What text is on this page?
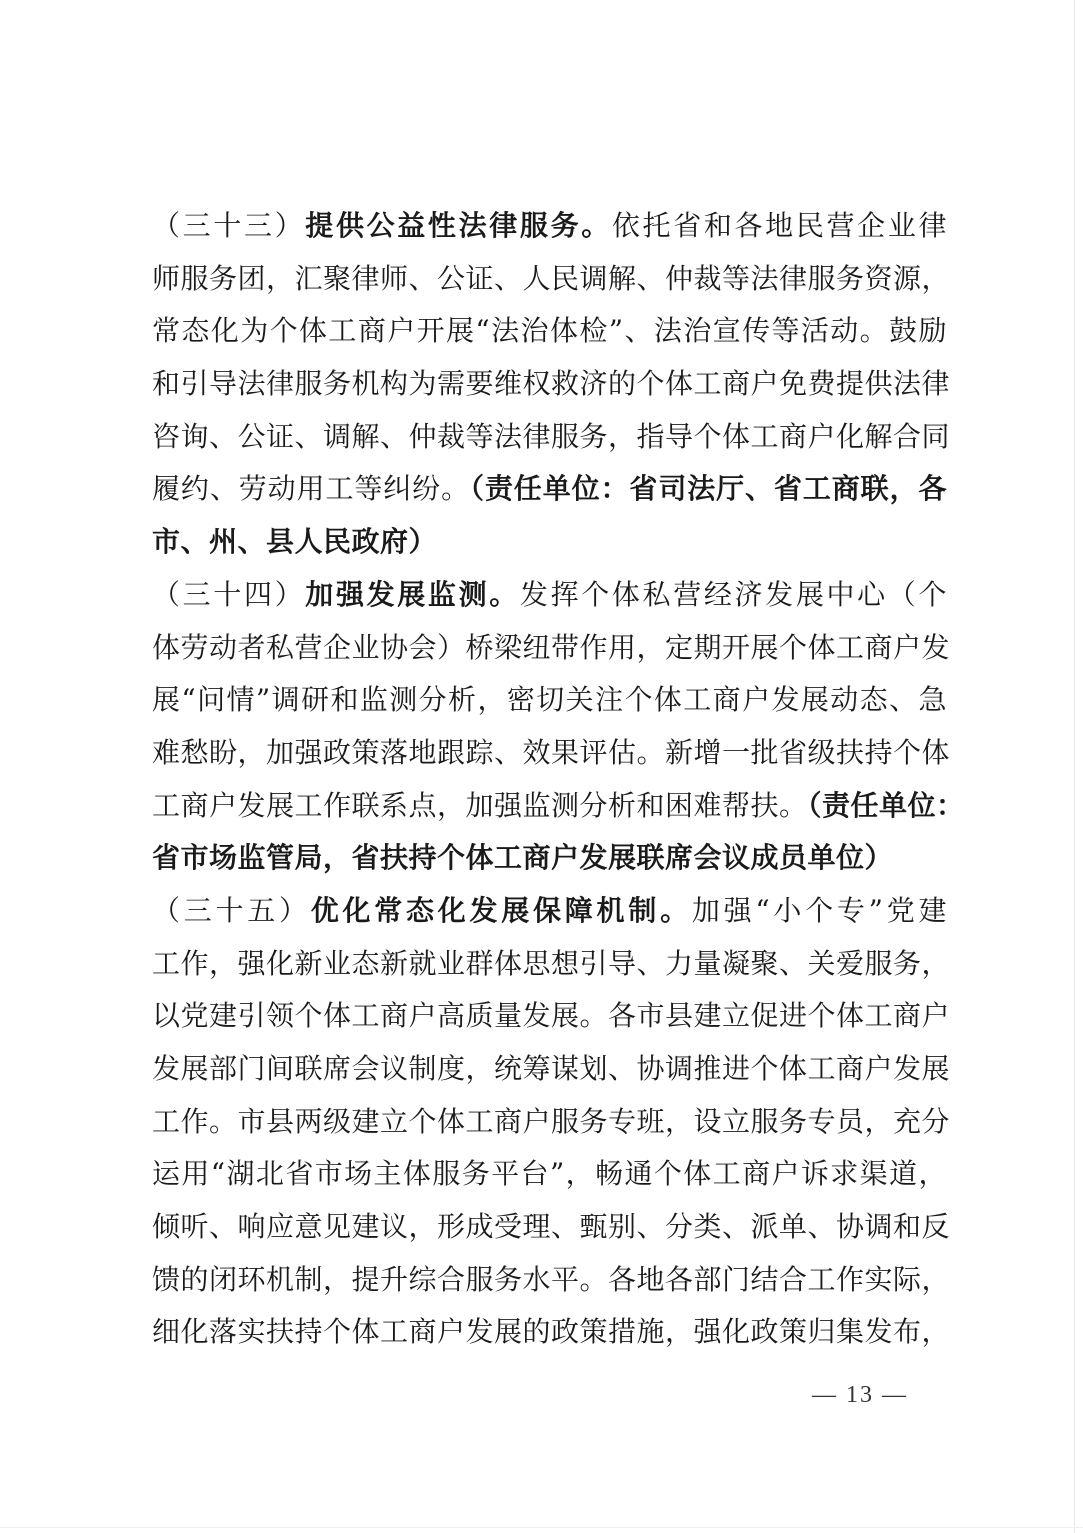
（三十三）提供公益性法律服务。依托省和各地民营企业律
师服务团，汇聚律师、公证、人民调解、仲裁等法律服务资源，
常态化为个体工商户开展“法治体检”、法治宣传等活动。鼓励
和引导法律服务机构为需要维权救济的个体工商户免费提供法律
咨询、公证、调解、仲裁等法律服务，指导个体工商户化解合同
履约、劳动用工等纠纷。（责任单位：省司法厅、省工商联，各
市、州、县人民政府）
（三十四）加强发展监测。发挥个体私营经济发展中心（个
体劳动者私营企业协会）桥梁纽带作用，定期开展个体工商户发
展“问情”调研和监测分析，密切关注个体工商户发展动态、急
难愁盼，加强政策落地跟踪、效果评估。新增一批省级扶持个体
工商户发展工作联系点，加强监测分析和困难帮扶。（责任单位：
省市场监管局，省扶持个体工商户发展联席会议成员单位）
（三十五）优化常态化发展保障机制。加强“小个专”党建
工作，强化新业态新就业群体思想引导、力量凝聚、关爱服务，
以党建引领个体工商户高质量发展。各市县建立促进个体工商户
发展部门间联席会议制度，统筹谋划、协调推进个体工商户发展
工作。市县两级建立个体工商户服务专班，设立服务专员，充分
运用“湖北省市场主体服务平台”，畅通个体工商户诉求渠道，
倾听、响应意见建议，形成受理、甄别、分类、派单、协调和反
馈的闭环机制，提升综合服务水平。各地各部门结合工作实际，
细化落实扶持个体工商户发展的政策措施，强化政策归集发布，
— 13 —
